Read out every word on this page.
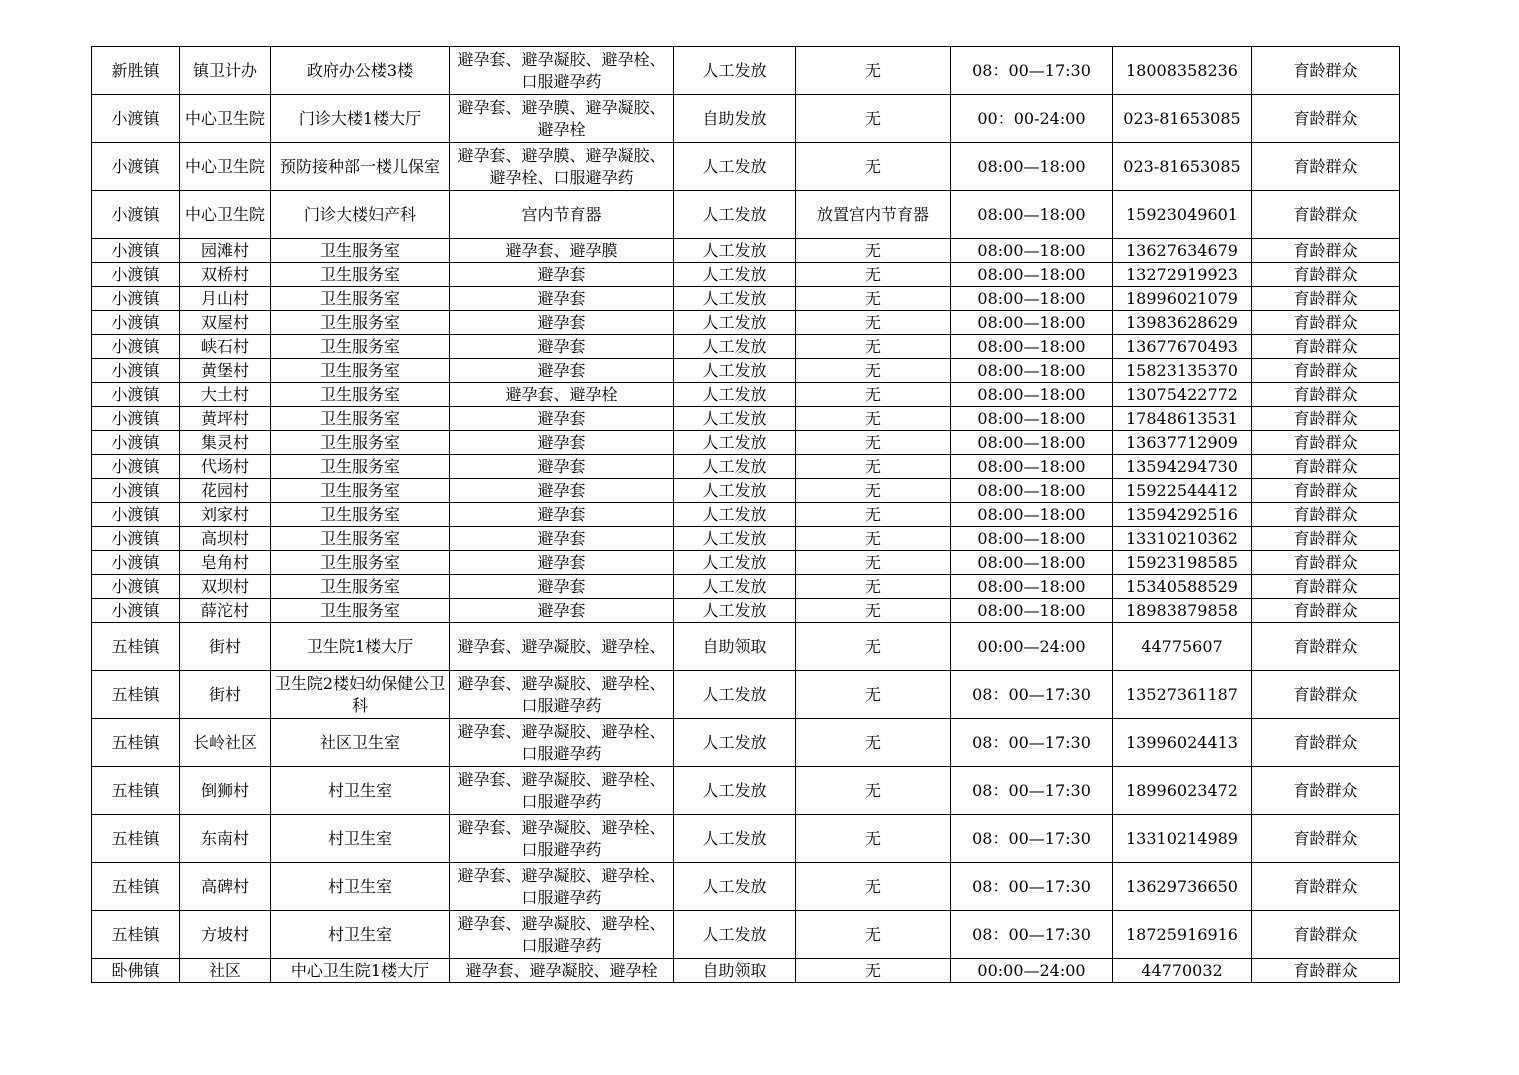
新胜镇	镇卫计办	政府办公楼3楼	避孕套、避孕凝胶、避孕栓、口服避孕药	人工发放	无	08：00—17:30	18008358236	育龄群众
小渡镇	中心卫生院	门诊大楼1楼大厅	避孕套、避孕膜、避孕凝胶、避孕栓	自助发放	无	00：00-24:00	023-81653085	育龄群众
小渡镇	中心卫生院	预防接种部一楼儿保室	避孕套、避孕膜、避孕凝胶、避孕栓、口服避孕药	人工发放	无	08:00—18:00	023-81653085	育龄群众
小渡镇	中心卫生院	门诊大楼妇产科	宫内节育器	人工发放	放置宫内节育器	08:00—18:00	15923049601	育龄群众
小渡镇	园滩村	卫生服务室	避孕套、避孕膜	人工发放	无	08:00—18:00	13627634679	育龄群众
小渡镇	双桥村	卫生服务室	避孕套	人工发放	无	08:00—18:00	13272919923	育龄群众
小渡镇	月山村	卫生服务室	避孕套	人工发放	无	08:00—18:00	18996021079	育龄群众
小渡镇	双屋村	卫生服务室	避孕套	人工发放	无	08:00—18:00	13983628629	育龄群众
小渡镇	峡石村	卫生服务室	避孕套	人工发放	无	08:00—18:00	13677670493	育龄群众
小渡镇	黄堡村	卫生服务室	避孕套	人工发放	无	08:00—18:00	15823135370	育龄群众
小渡镇	大土村	卫生服务室	避孕套、避孕栓	人工发放	无	08:00—18:00	13075422772	育龄群众
小渡镇	黄坪村	卫生服务室	避孕套	人工发放	无	08:00—18:00	17848613531	育龄群众
小渡镇	集灵村	卫生服务室	避孕套	人工发放	无	08:00—18:00	13637712909	育龄群众
小渡镇	代场村	卫生服务室	避孕套	人工发放	无	08:00—18:00	13594294730	育龄群众
小渡镇	花园村	卫生服务室	避孕套	人工发放	无	08:00—18:00	15922544412	育龄群众
小渡镇	刘家村	卫生服务室	避孕套	人工发放	无	08:00—18:00	13594292516	育龄群众
小渡镇	高坝村	卫生服务室	避孕套	人工发放	无	08:00—18:00	13310210362	育龄群众
小渡镇	皂角村	卫生服务室	避孕套	人工发放	无	08:00—18:00	15923198585	育龄群众
小渡镇	双坝村	卫生服务室	避孕套	人工发放	无	08:00—18:00	15340588529	育龄群众
小渡镇	薛沱村	卫生服务室	避孕套	人工发放	无	08:00—18:00	18983879858	育龄群众
五桂镇	街村	卫生院1楼大厅	避孕套、避孕凝胶、避孕栓、	自助领取	无	00:00—24:00	44775607	育龄群众
五桂镇	街村	卫生院2楼妇幼保健公卫科	避孕套、避孕凝胶、避孕栓、口服避孕药	人工发放	无	08：00—17:30	13527361187	育龄群众
五桂镇	长岭社区	社区卫生室	避孕套、避孕凝胶、避孕栓、口服避孕药	人工发放	无	08：00—17:30	13996024413	育龄群众
五桂镇	倒狮村	村卫生室	避孕套、避孕凝胶、避孕栓、口服避孕药	人工发放	无	08：00—17:30	18996023472	育龄群众
五桂镇	东南村	村卫生室	避孕套、避孕凝胶、避孕栓、口服避孕药	人工发放	无	08：00—17:30	13310214989	育龄群众
五桂镇	高碑村	村卫生室	避孕套、避孕凝胶、避孕栓、口服避孕药	人工发放	无	08：00—17:30	13629736650	育龄群众
五桂镇	方坡村	村卫生室	避孕套、避孕凝胶、避孕栓、口服避孕药	人工发放	无	08：00—17:30	18725916916	育龄群众
卧佛镇	社区	中心卫生院1楼大厅	避孕套、避孕凝胶、避孕栓	自助领取	无	00:00—24:00	44770032	育龄群众
